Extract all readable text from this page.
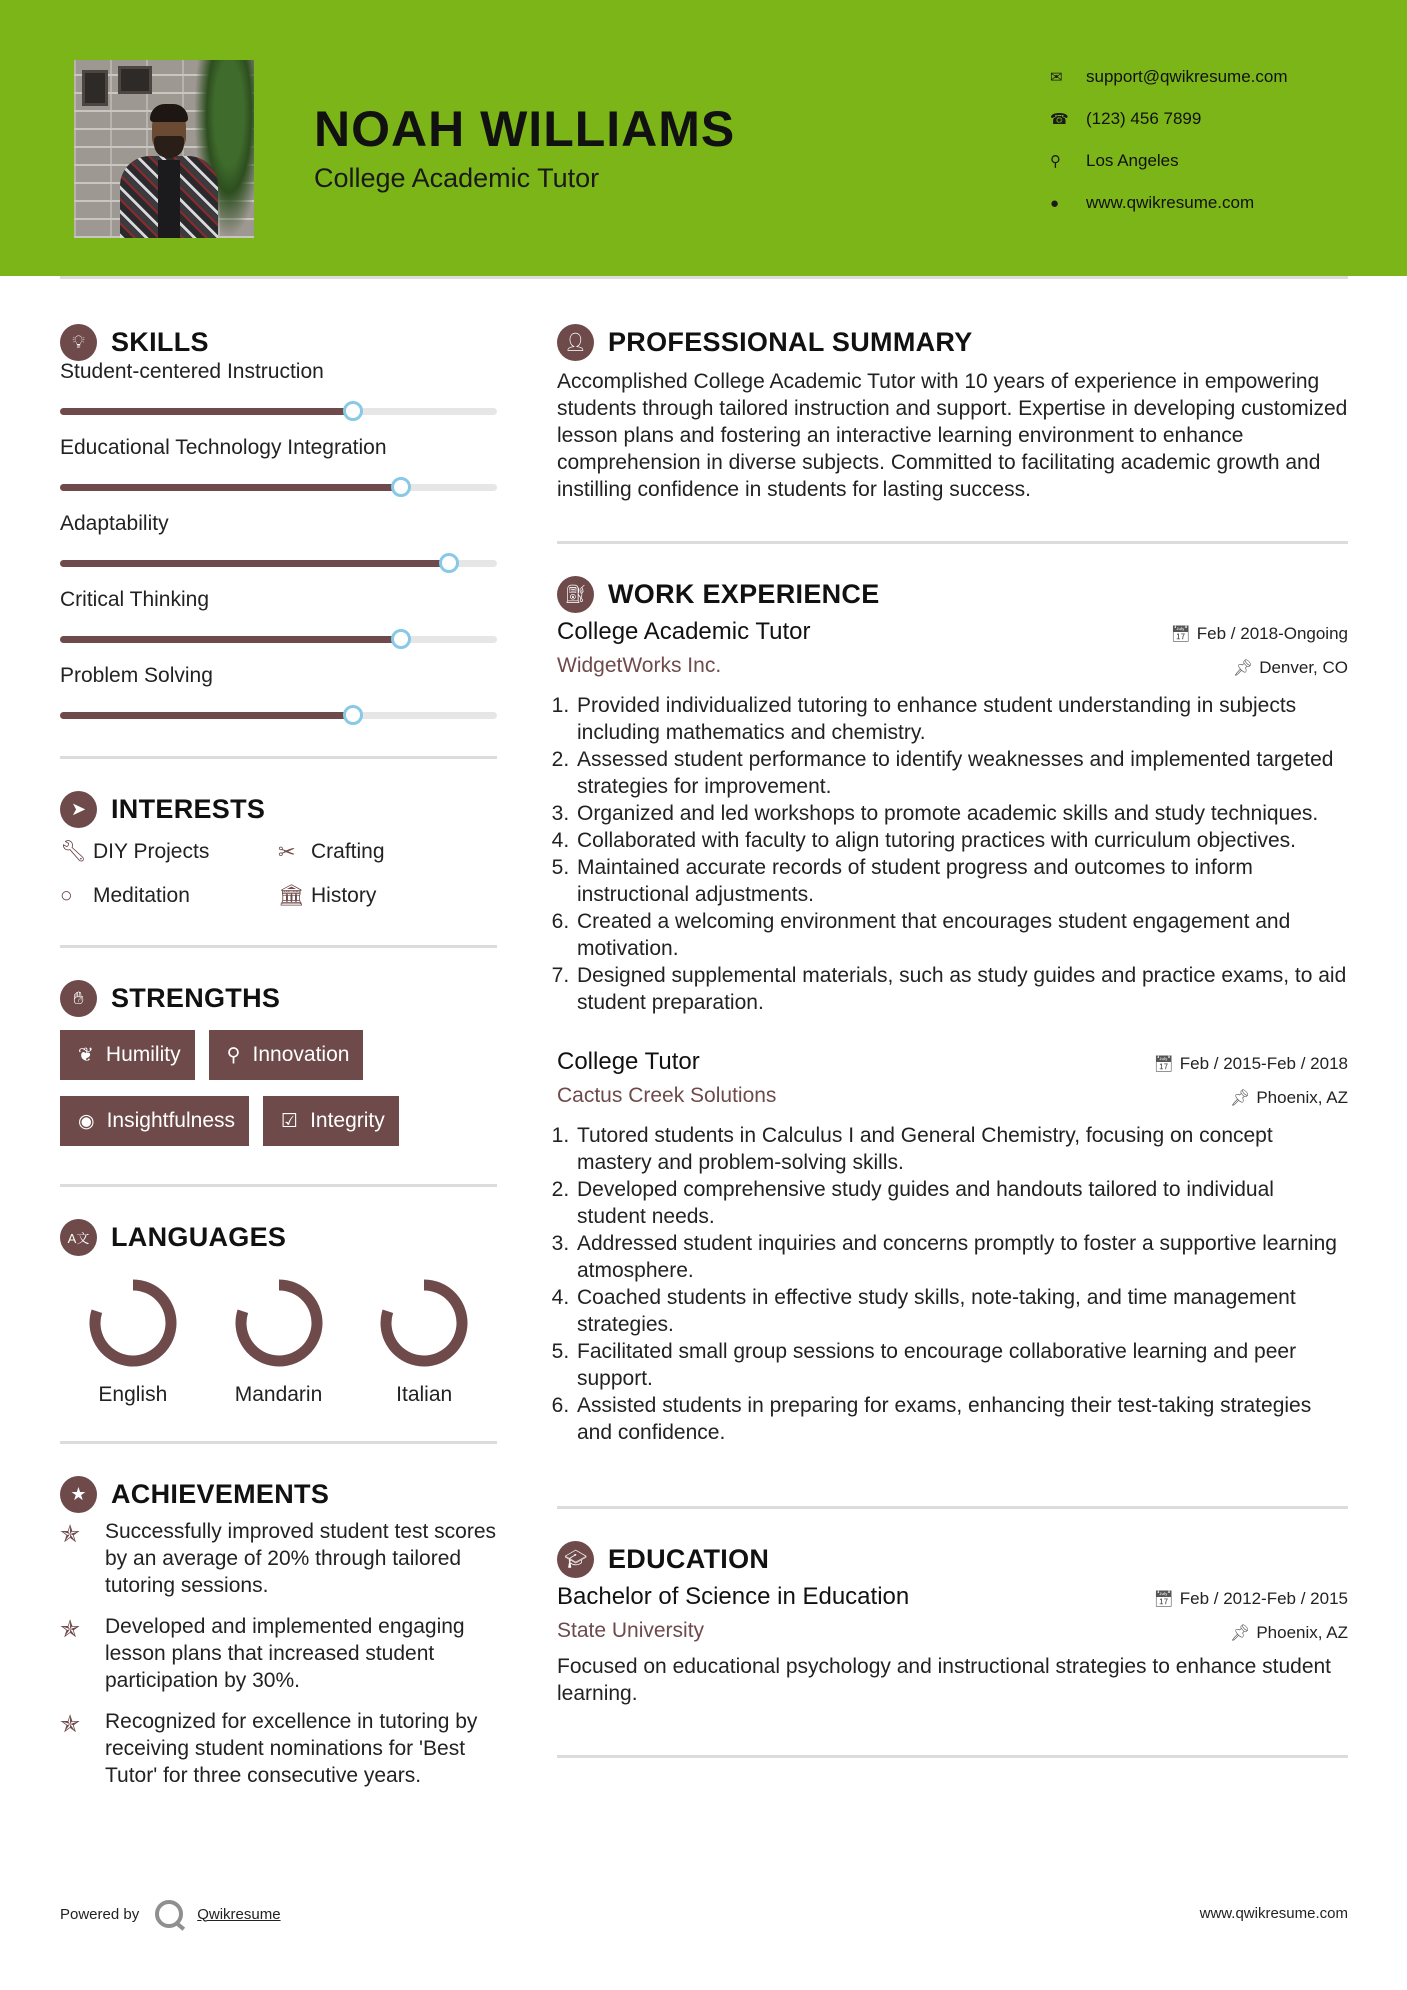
NOAH WILLIAMS
College Academic Tutor
✉	support@qwikresume.com
☎	(123) 456 7899
⚲	Los Angeles
●	www.qwikresume.com
💡︎ SKILLS
Student-centered Instruction
Educational Technology Integration
Adaptability
Critical Thinking
Problem Solving
➤ INTERESTS
🔧︎ DIY Projects	✂ Crafting
○ Meditation	🏛︎ History
✋︎	STRENGTHS
❦ Humility ⚲ Innovation
◉ Insightfulness ☑ Integrity
A文 LANGUAGES
English	Mandarin	Italian
★ ACHIEVEMENTS
✯	Successfully improved student test scores by an average of 20% through tailored tutoring sessions.
✯	Developed and implemented engaging lesson plans that increased student participation by 30%.
✯	Recognized for excellence in tutoring by receiving student nominations for 'Best Tutor' for three consecutive years.
👤︎ PROFESSIONAL SUMMARY
Accomplished College Academic Tutor with 10 years of experience in empowering students through tailored instruction and support. Expertise in developing customized lesson plans and fostering an interactive learning environment to enhance comprehension in diverse subjects. Committed to facilitating academic growth and instilling confidence in students for lasting success.
⛽︎ WORK EXPERIENCE
College Academic Tutor	📅︎ Feb / 2018-Ongoing
WidgetWorks Inc.	📌︎ Denver, CO
1. Provided individualized tutoring to enhance student understanding in subjects including mathematics and chemistry.
2. Assessed student performance to identify weaknesses and implemented targeted strategies for improvement.
3. Organized and led workshops to promote academic skills and study techniques.
4. Collaborated with faculty to align tutoring practices with curriculum objectives.
5. Maintained accurate records of student progress and outcomes to inform instructional adjustments.
6. Created a welcoming environment that encourages student engagement and motivation.
7. Designed supplemental materials, such as study guides and practice exams, to aid student preparation.
College Tutor	📅︎ Feb / 2015-Feb / 2018
Cactus Creek Solutions	📌︎ Phoenix, AZ
1. Tutored students in Calculus I and General Chemistry, focusing on concept mastery and problem-solving skills.
2. Developed comprehensive study guides and handouts tailored to individual student needs.
3. Addressed student inquiries and concerns promptly to foster a supportive learning atmosphere.
4. Coached students in effective study skills, note-taking, and time management strategies.
5. Facilitated small group sessions to encourage collaborative learning and peer support.
6. Assisted students in preparing for exams, enhancing their test-taking strategies and confidence.
🎓︎ EDUCATION
Bachelor of Science in Education	📅︎ Feb / 2012-Feb / 2015
State University	📌︎ Phoenix, AZ
Focused on educational psychology and instructional strategies to enhance student learning.
Powered by	Qwikresume	www.qwikresume.com
